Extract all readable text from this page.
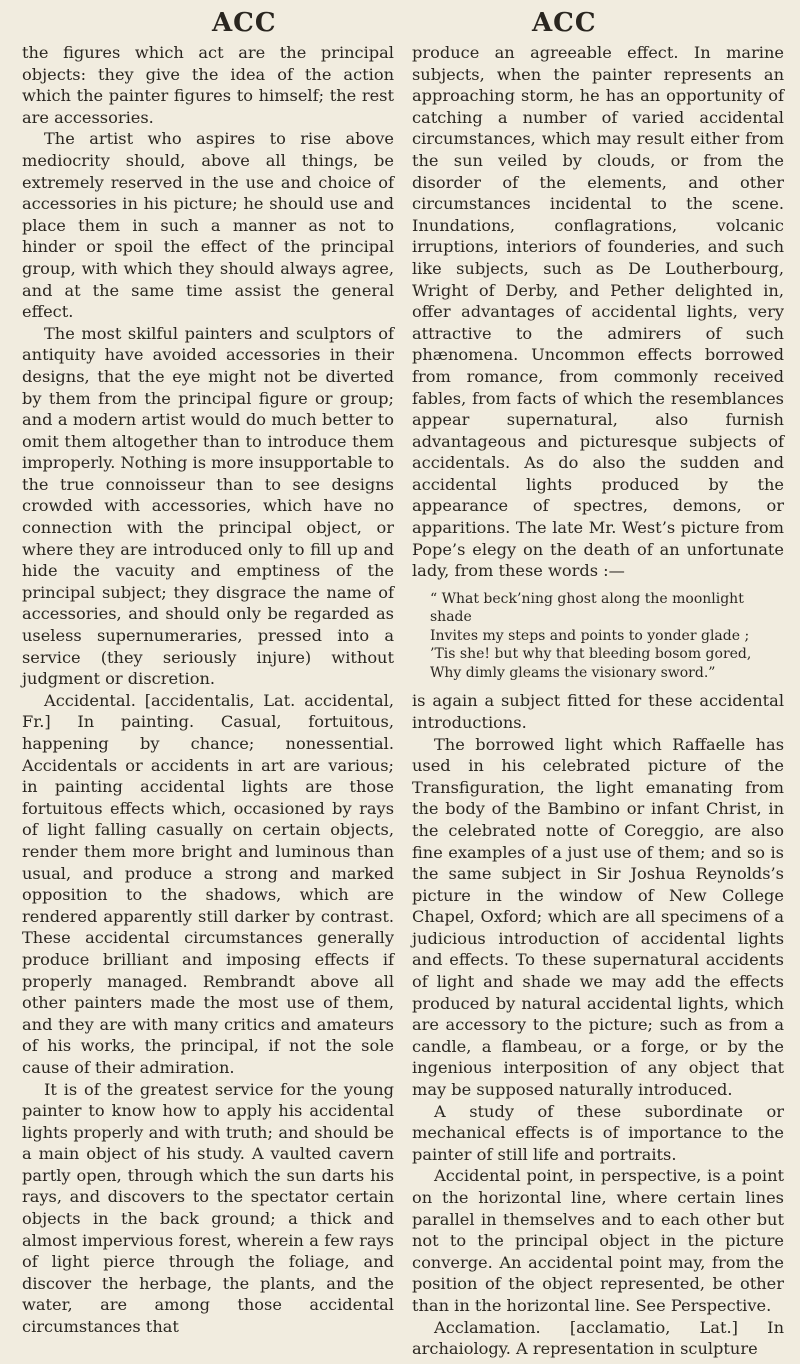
ACC

the figures which act are the principal objects: they give the idea of the action which the painter figures to himself; the rest are accessories.

The artist who aspires to rise above mediocrity should, above all things, be extremely reserved in the use and choice of accessories in his picture; he should use and place them in such a manner as not to hinder or spoil the effect of the principal group, with which they should always agree, and at the same time assist the general effect.

The most skilful painters and sculptors of antiquity have avoided accessories in their designs, that the eye might not be diverted by them from the principal figure or group; and a modern artist would do much better to omit them altogether than to introduce them improperly. Nothing is more insupportable to the true connoisseur than to see designs crowded with accessories, which have no connection with the principal object, or where they are introduced only to fill up and hide the vacuity and emptiness of the principal subject; they disgrace the name of accessories, and should only be regarded as useless supernumeraries, pressed into a service (they seriously injure) without judgment or discretion.

Accidental. [accidentalis, Lat. accidental, Fr.] In painting. Casual, fortuitous, happening by chance; nonessential. Accidentals or accidents in art are various; in painting accidental lights are those fortuitous effects which, occasioned by rays of light falling casually on certain objects, render them more bright and luminous than usual, and produce a strong and marked opposition to the shadows, which are rendered apparently still darker by contrast. These accidental circumstances generally produce brilliant and imposing effects if properly managed. Rembrandt above all other painters made the most use of them, and they are with many critics and amateurs of his works, the principal, if not the sole cause of their admiration.

It is of the greatest service for the young painter to know how to apply his accidental lights properly and with truth; and should be a main object of his study. A vaulted cavern partly open, through which the sun darts his rays, and discovers to the spectator certain objects in the back ground; a thick and almost impervious forest, wherein a few rays of light pierce through the foliage, and discover the herbage, the plants, and the water, are among those accidental circumstances that

ACC

produce an agreeable effect. In marine subjects, when the painter represents an approaching storm, he has an opportunity of catching a number of varied accidental circumstances, which may result either from the sun veiled by clouds, or from the disorder of the elements, and other circumstances incidental to the scene. Inundations, conflagrations, volcanic irruptions, interiors of founderies, and such like subjects, such as De Loutherbourg, Wright of Derby, and Pether delighted in, offer advantages of accidental lights, very attractive to the admirers of such phænomena. Uncommon effects borrowed from romance, from commonly received fables, from facts of which the resemblances appear supernatural, also furnish advantageous and picturesque subjects of accidentals. As do also the sudden and accidental lights produced by the appearance of spectres, demons, or apparitions. The late Mr. West’s picture from Pope’s elegy on the death of an unfortunate lady, from these words :—

“ What beck’ning ghost along the moonlight shade
Invites my steps and points to yonder glade ;
’Tis she! but why that bleeding bosom gored,
Why dimly gleams the visionary sword.”

is again a subject fitted for these accidental introductions.

The borrowed light which Raffaelle has used in his celebrated picture of the Transfiguration, the light emanating from the body of the Bambino or infant Christ, in the celebrated notte of Coreggio, are also fine examples of a just use of them; and so is the same subject in Sir Joshua Reynolds’s picture in the window of New College Chapel, Oxford; which are all specimens of a judicious introduction of accidental lights and effects. To these supernatural accidents of light and shade we may add the effects produced by natural accidental lights, which are accessory to the picture; such as from a candle, a flambeau, or a forge, or by the ingenious interposition of any object that may be supposed naturally introduced.

A study of these subordinate or mechanical effects is of importance to the painter of still life and portraits.

Accidental point, in perspective, is a point on the horizontal line, where certain lines parallel in themselves and to each other but not to the principal object in the picture converge. An accidental point may, from the position of the object represented, be other than in the horizontal line. See Perspective.

Acclamation. [acclamatio, Lat.] In archaiology. A representation in sculpture
